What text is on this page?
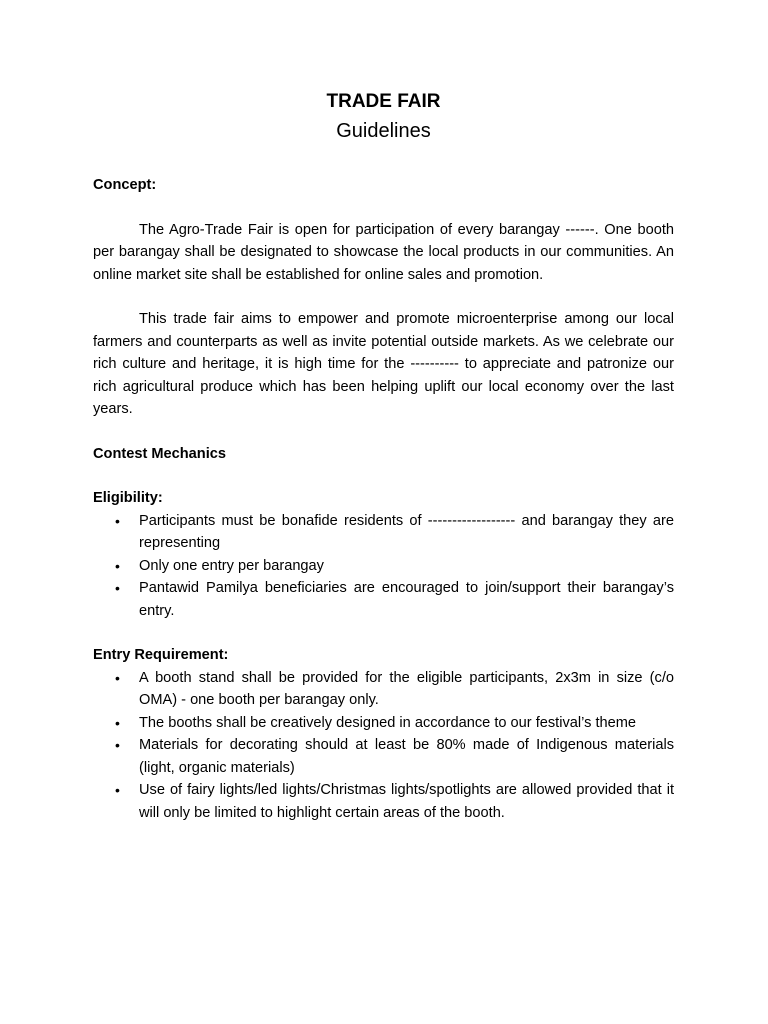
TRADE FAIR
Guidelines
Concept:

The Agro-Trade Fair is open for participation of every barangay ------. One booth per barangay shall be designated to showcase the local products in our communities. An online market site shall be established for online sales and promotion.

This trade fair aims to empower and promote microenterprise among our local farmers and counterparts as well as invite potential outside markets. As we celebrate our rich culture and heritage, it is high time for the ---------- to appreciate and patronize our rich agricultural produce which has been helping uplift our local economy over the last years.

Contest Mechanics
Eligibility:
• Participants must be bonafide residents of ------------------ and barangay they are representing
• Only one entry per barangay
• Pantawid Pamilya beneficiaries are encouraged to join/support their barangay’s entry.
Entry Requirement:
• A booth stand shall be provided for the eligible participants, 2x3m in size (c/o OMA) - one booth per barangay only.
• The booths shall be creatively designed in accordance to our festival’s theme
• Materials for decorating should at least be 80% made of Indigenous materials (light, organic materials)
• Use of fairy lights/led lights/Christmas lights/spotlights are allowed provided that it will only be limited to highlight certain areas of the booth.
